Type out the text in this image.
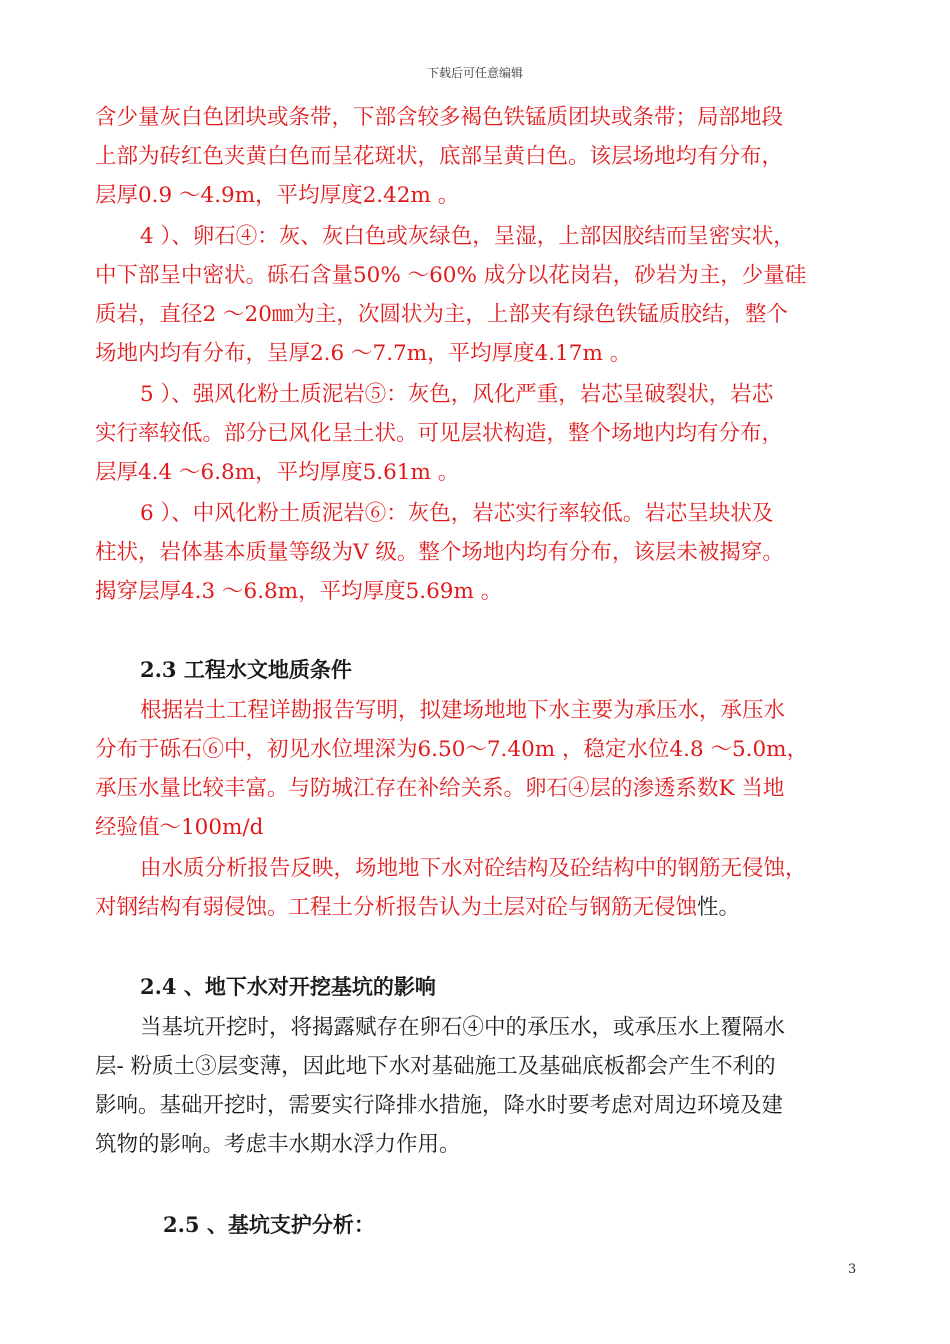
下载后可任意编辑
含少量灰白色团块或条带，下部含较多褐色铁锰质团块或条带；局部地段
上部为砖红色夹黄白色而呈花斑状，底部呈黄白色。该层场地均有分布，
层厚0.9 ～4.9m，平均厚度2.42m 。
4 ）、卵石④：灰、灰白色或灰绿色，呈湿，上部因胶结而呈密实状，
中下部呈中密状。砾石含量50% ～60% 成分以花岗岩，砂岩为主，少量硅
质岩，直径2 ～20㎜为主，次圆状为主，上部夹有绿色铁锰质胶结，整个
场地内均有分布，呈厚2.6 ～7.7m，平均厚度4.17m 。
5 ）、强风化粉土质泥岩⑤：灰色，风化严重，岩芯呈破裂状，岩芯
实行率较低。部分已风化呈土状。可见层状构造，整个场地内均有分布，
层厚4.4 ～6.8m，平均厚度5.61m 。
6 ）、中风化粉土质泥岩⑥：灰色，岩芯实行率较低。岩芯呈块状及
柱状，岩体基本质量等级为V 级。整个场地内均有分布，该层未被揭穿。
揭穿层厚4.3 ～6.8m，平均厚度5.69m 。
2.3 工程水文地质条件
根据岩土工程详勘报告写明，拟建场地地下水主要为承压水，承压水
分布于砾石⑥中，初见水位埋深为6.50～7.40m ，稳定水位4.8 ～5.0m，
承压水量比较丰富。与防城江存在补给关系。卵石④层的渗透系数K 当地
经验值～100m/d
由水质分析报告反映，场地地下水对砼结构及砼结构中的钢筋无侵蚀，
对钢结构有弱侵蚀。工程土分析报告认为土层对砼与钢筋无侵蚀性。
2.4 、地下水对开挖基坑的影响
当基坑开挖时，将揭露赋存在卵石④中的承压水，或承压水上覆隔水
层- 粉质土③层变薄，因此地下水对基础施工及基础底板都会产生不利的
影响。基础开挖时，需要实行降排水措施，降水时要考虑对周边环境及建
筑物的影响。考虑丰水期水浮力作用。
2.5 、基坑支护分析：
3
